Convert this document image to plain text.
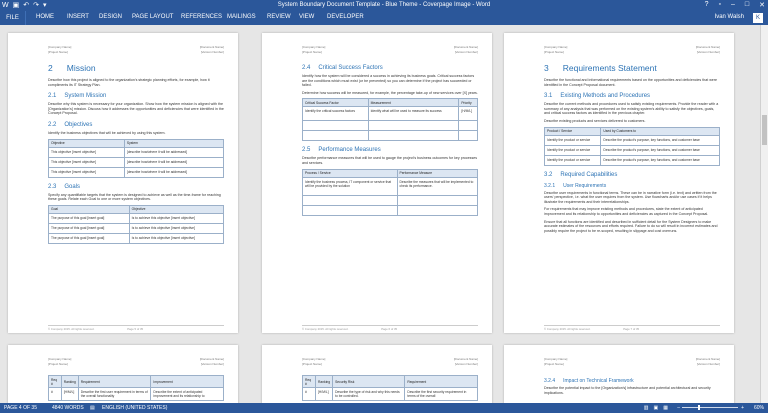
W ▣ ↶ ↷ ▾	System Boundary Document Template - Blue Theme - Coverpage Image - Word	? ▫ – □ ✕
FILE	HOME INSERT DESIGN PAGE LAYOUT REFERENCES MAILINGS REVIEW VIEW DEVELOPER	Ivan Walsh	K
[Company Name]	[Document Name]
[Project Name]	[Version Number]
2 Mission
Describe how this project is aligned to the organization's strategic planning efforts, for example, how it compliments its IT Strategy Plan.
2.1 System Mission
Describe why this system is necessary for your organization. Show how the system mission is aligned with the [Organization's] mission. Discuss how it addresses the opportunities and deficiencies that were identified in the Concept Proposal.
2.2 Objectives
Identify the business objectives that will be achieved by using this system.
Objective	System
This objective [insert objective]	[describe how/where it will be addressed]
This objective [insert objective]	[describe how/where it will be addressed]
This objective [insert objective]	[describe how/where it will be addressed]
2.3 Goals
Specify any quantifiable targets that the system is designed to achieve as well as the time-frame for reaching these goals. Relate each Goal to one or more system objectives.
Goal	Objective
The purpose of this goal [insert goal]	Is to achieve this objective [insert objective]
The purpose of this goal [insert goal]	Is to achieve this objective [insert objective]
The purpose of this goal [insert goal]	Is to achieve this objective [insert objective]
© Company 2015. All rights reserved.	Page 5 of 35
[Company Name]	[Document Name]
[Project Name]	[Version Number]
2.4 Critical Success Factors
Identify how the system will be considered a success in achieving its business goals. Critical success factors are the conditions which must exist (or be prevented) so you can determine if the project has succeeded or failed.
Determine how success will be measured, for example, the percentage take-up of new services over [X] years.
Critical Success Factor	Measurement	Priority
Identify the critical success factors	Identify what will be used to measure its success	[H/M/L]

2.5 Performance Measures
Describe performance measures that will be used to gauge the project's business outcomes for key processes and services.
Process / Service	Performance Measure
Identify the business process, IT component or service that will be provided by the solution	Describe the measures that will be implemented to check its performance.

© Company 2015. All rights reserved.	Page 6 of 35
[Company Name]	[Document Name]
[Project Name]	[Version Number]
3 Requirements Statement
Describe the functional and informational requirements based on the opportunities and deficiencies that were identified in the Concept Proposal document.
3.1 Existing Methods and Procedures
Describe the current methods and procedures used to satisfy existing requirements. Provide the reader with a summary of any analysis that was performed on the existing system's ability to satisfy the objectives, goals, and critical success factors as identified in the previous chapter.
Describe existing products and services delivered to customers.
Product / Service	Used by Customers to
Identify the product or service	Describe the product's purpose, key functions, and customer base
Identify the product or service	Describe the product's purpose, key functions, and customer base
Identify the product or service	Describe the product's purpose, key functions, and customer base
3.2 Required Capabilities
3.2.1 User Requirements
Describe user requirements in functional terms. These can be in narrative form (i.e. text) and written from the users' perspective, i.e. what the user requires from the system. Use flowcharts and/or use cases if it helps illustrate the requirements and their interrelationships.
For requirements that may improve existing methods and procedures, state the extent of anticipated improvement and its relationship to opportunities and deficiencies as captured in the Concept Proposal.
Ensure that all functions are identified and described in sufficient detail for the System Designers to make accurate estimates of the resources and efforts required. Failure to do so will result in incorrect estimates and possibly require the project to be re-scoped, resulting in slippage and cost overruns.
© Company 2015. All rights reserved.	Page 7 of 35
[Company Name]	[Document Name]
[Project Name]	[Version Number]
Req #	Ranking	Requirement	Improvement
#	[H/M/L]	Describe the first user requirement in terms of the overall functionality	Describe the extent of anticipated improvement and its relationship to
[Company Name]	[Document Name]
[Project Name]	[Version Number]
Req #	Ranking	Security Risk	Requirement
#	[H/M/L]	Describe the type of risk and why this needs to be controlled.	Describe the first security requirement in terms of the overall
[Company Name]	[Document Name]
[Project Name]	[Version Number]
3.2.4 Impact on Technical Framework
Describe the potential impact to the [Organization's] infrastructure and potential architectural and security implications.
PAGE 4 OF 35	4840 WORDS ▤ ENGLISH (UNITED STATES)	▥ ▣ ▦ –	+ 60%
